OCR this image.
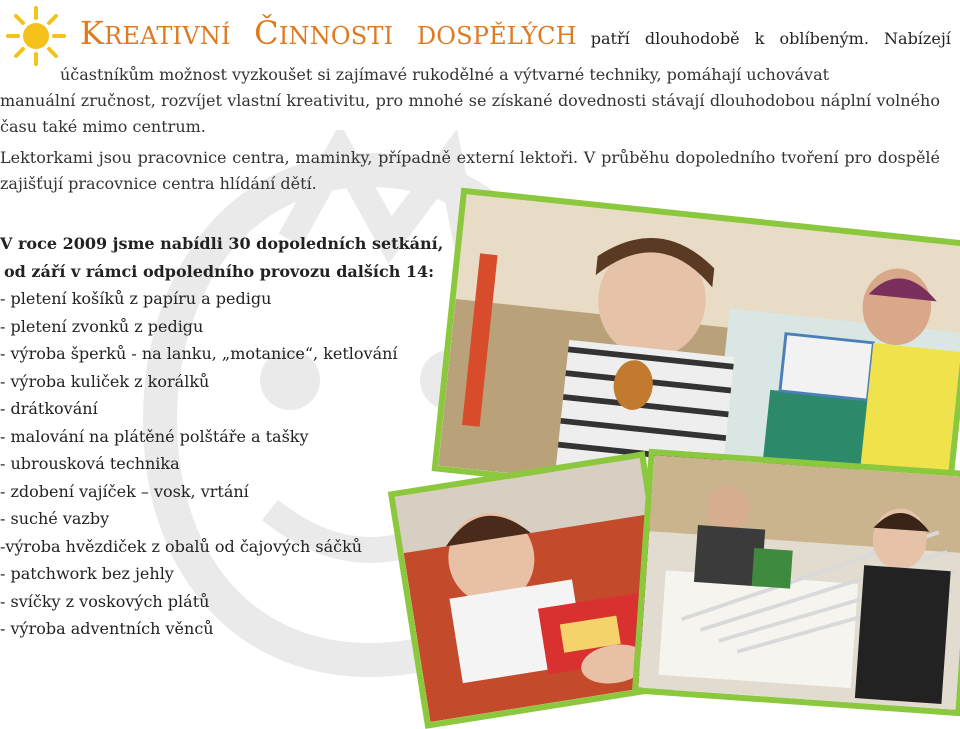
KREATIVNÍ ČINNOSTI DOSPĚLÝCH patří dlouhodobě k oblíbeným. Nabízejí
účastníkům možnost vyzkoušet si zajímavé rukodělné a výtvarné techniky, pomáhají uchovávat
manuální zručnost, rozvíjet vlastní kreativitu, pro mnohé se získané dovednosti stávají dlouhodobou náplní volného času také mimo centrum.
Lektorkami jsou pracovnice centra, maminky, případně externí lektoři. V průběhu dopoledního tvoření pro dospělé zajišťují pracovnice centra hlídání dětí.
V roce 2009 jsme nabídli 30 dopoledních setkání,
od září v rámci odpoledního provozu dalších 14:
- pletení košíků z papíru a pedigu
- pletení zvonků z pedigu
- výroba šperků - na lanku, „motanice“, ketlování
- výroba kuliček z korálků
- drátkování
- malování na plátěné polštáře a tašky
- ubrousková technika
- zdobení vajíček – vosk, vrtání
- suché vazby
-výroba hvězdiček z obalů od čajových sáčků
- patchwork bez jehly
- svíčky z voskových plátů
- výroba adventních věnců
